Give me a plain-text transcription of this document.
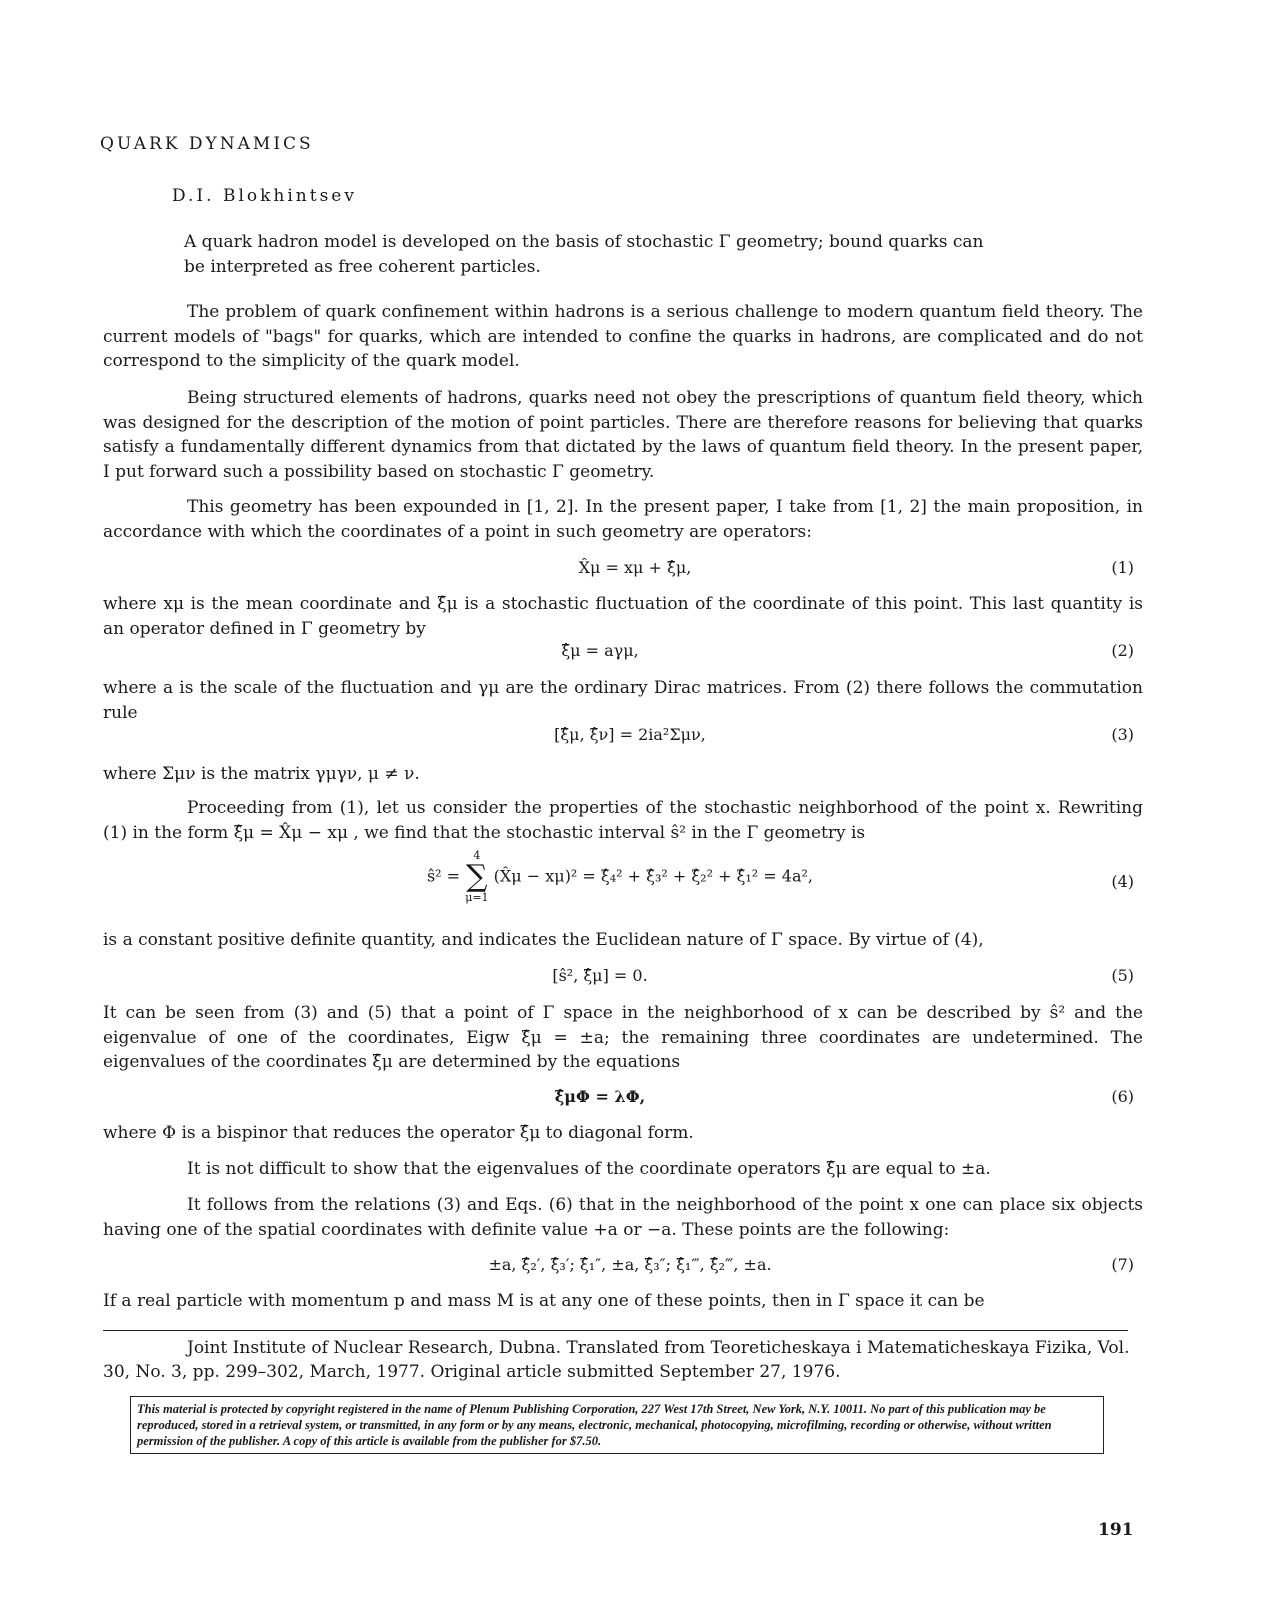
QUARK DYNAMICS
D.I. Blokhintsev
A quark hadron model is developed on the basis of stochastic Γ geometry; bound quarks can be interpreted as free coherent particles.
The problem of quark confinement within hadrons is a serious challenge to modern quantum field theory. The current models of "bags" for quarks, which are intended to confine the quarks in hadrons, are complicated and do not correspond to the simplicity of the quark model.
Being structured elements of hadrons, quarks need not obey the prescriptions of quantum field theory, which was designed for the description of the motion of point particles. There are therefore reasons for believing that quarks satisfy a fundamentally different dynamics from that dictated by the laws of quantum field theory. In the present paper, I put forward such a possibility based on stochastic Γ geometry.
This geometry has been expounded in [1, 2]. In the present paper, I take from [1, 2] the main proposition, in accordance with which the coordinates of a point in such geometry are operators:
X̂μ = xμ + ξ̂μ,	(1)
where xμ is the mean coordinate and ξ̂μ is a stochastic fluctuation of the coordinate of this point. This last quantity is an operator defined in Γ geometry by
ξ̂μ = aγμ,	(2)
where a is the scale of the fluctuation and γμ are the ordinary Dirac matrices. From (2) there follows the commutation rule
[ξ̂μ, ξ̂ν] = 2ia²Σμν,	(3)
where Σμν is the matrix γμγν, μ ≠ ν.
Proceeding from (1), let us consider the properties of the stochastic neighborhood of the point x. Rewriting (1) in the form ξ̂μ = X̂μ − xμ , we find that the stochastic interval ŝ² in the Γ geometry is
ŝ² = 4
∑
μ=1 (X̂μ − xμ)² = ξ̂₄² + ξ̂₃² + ξ̂₂² + ξ̂₁² = 4a²,	(4)
is a constant positive definite quantity, and indicates the Euclidean nature of Γ space. By virtue of (4),
[ŝ², ξ̂μ] = 0.	(5)
It can be seen from (3) and (5) that a point of Γ space in the neighborhood of x can be described by ŝ² and the eigenvalue of one of the coordinates, Eigw ξ̂μ = ±a; the remaining three coordinates are undetermined. The eigenvalues of the coordinates ξ̂μ are determined by the equations
ξ̂μΦ = λΦ,	(6)
where Φ is a bispinor that reduces the operator ξ̂μ to diagonal form.
It is not difficult to show that the eigenvalues of the coordinate operators ξ̂μ are equal to ±a.
It follows from the relations (3) and Eqs. (6) that in the neighborhood of the point x one can place six objects having one of the spatial coordinates with definite value +a or −a. These points are the following:
±a, ξ̂₂′, ξ̂₃′; ξ̂₁″, ±a, ξ̂₃″; ξ̂₁‴, ξ̂₂‴, ±a.	(7)
If a real particle with momentum p and mass M is at any one of these points, then in Γ space it can be
Joint Institute of Nuclear Research, Dubna. Translated from Teoreticheskaya i Matematicheskaya Fizika, Vol. 30, No. 3, pp. 299–302, March, 1977. Original article submitted September 27, 1976.
This material is protected by copyright registered in the name of Plenum Publishing Corporation, 227 West 17th Street, New York, N.Y. 10011. No part of this publication may be reproduced, stored in a retrieval system, or transmitted, in any form or by any means, electronic, mechanical, photocopying, microfilming, recording or otherwise, without written permission of the publisher. A copy of this article is available from the publisher for $7.50.
191
